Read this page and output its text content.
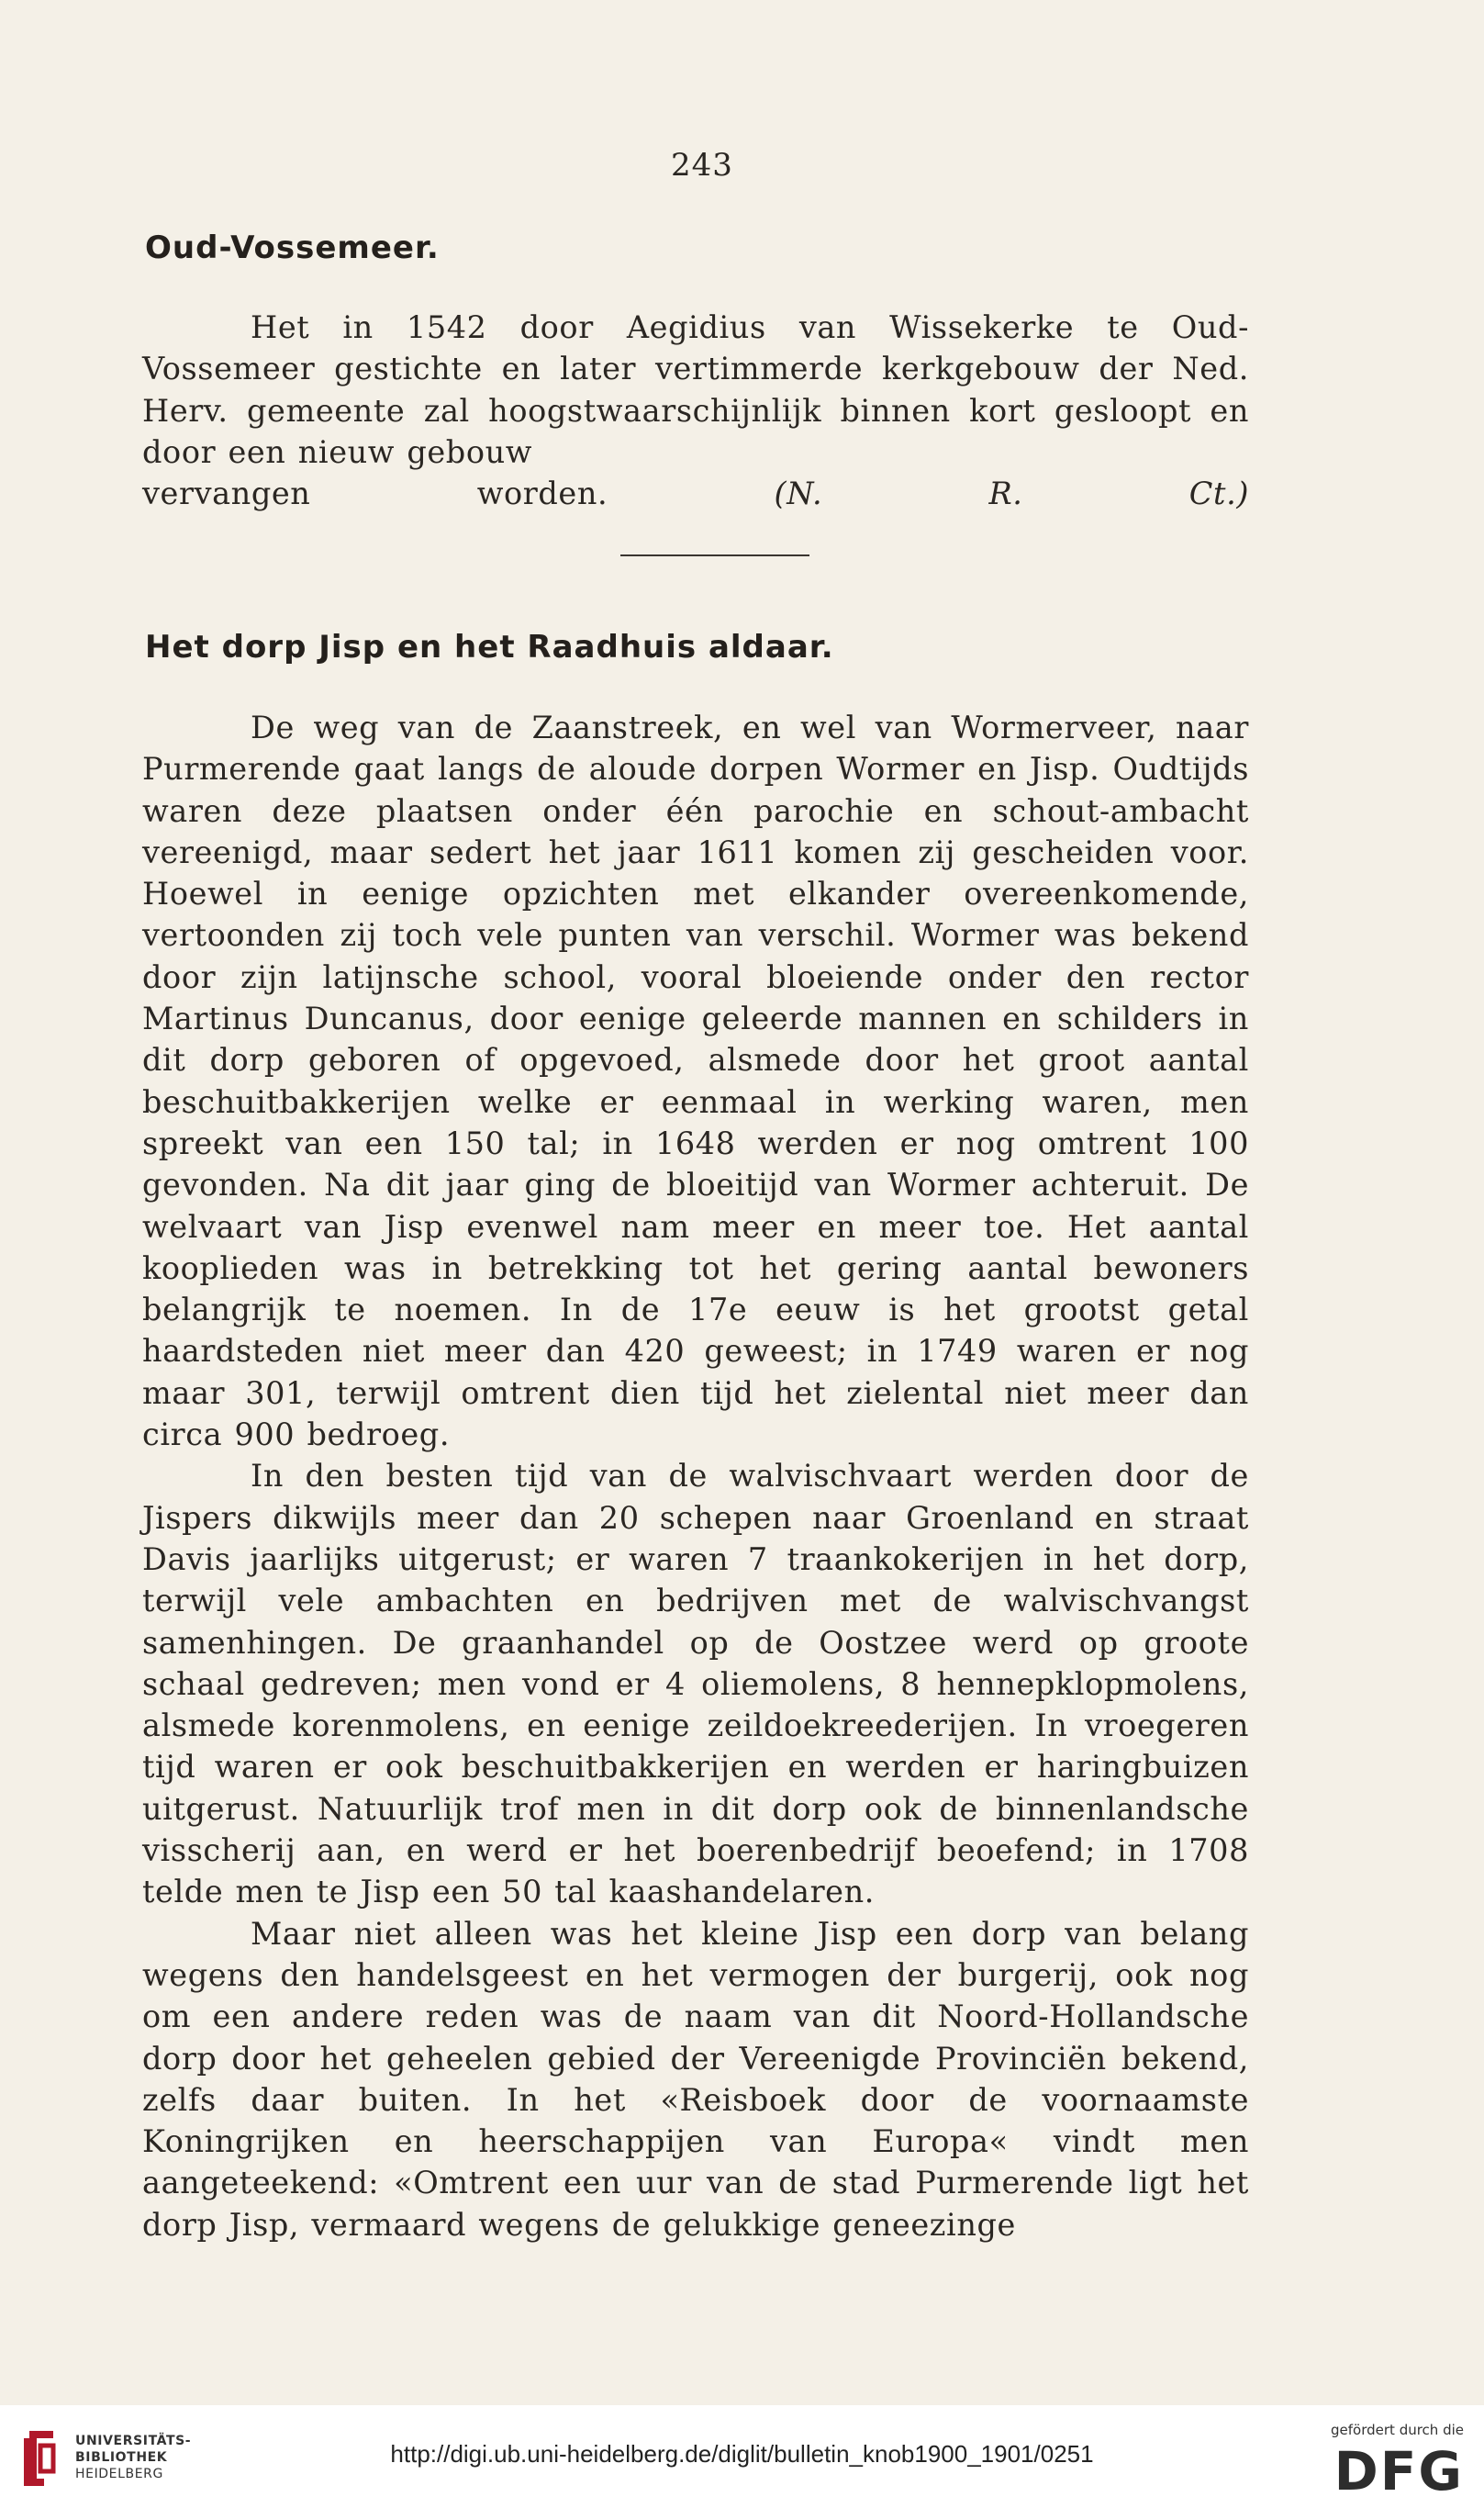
243
Oud-Vossemeer.

Het in 1542 door Aegidius van Wissekerke te Oud-Vossemeer gestichte en later vertimmerde kerkgebouw der Ned. Herv. gemeente zal hoogstwaarschijnlijk binnen kort gesloopt en door een nieuw gebouw

vervangen worden.	(N. R. Ct.)
Het dorp Jisp en het Raadhuis aldaar.

De weg van de Zaanstreek, en wel van Wormerveer, naar Purmerende gaat langs de aloude dorpen Wormer en Jisp. Oudtijds waren deze plaatsen onder één parochie en schout-ambacht vereenigd, maar sedert het jaar 1611 komen zij gescheiden voor. Hoewel in eenige opzichten met elkander overeenkomende, vertoonden zij toch vele punten van verschil. Wormer was bekend door zijn latijnsche school, vooral bloeiende onder den rector Martinus Duncanus, door eenige geleerde mannen en schilders in dit dorp geboren of opgevoed, alsmede door het groot aantal beschuitbakkerijen welke er eenmaal in werking waren, men spreekt van een 150 tal; in 1648 werden er nog omtrent 100 gevonden. Na dit jaar ging de bloeitijd van Wormer achteruit. De welvaart van Jisp evenwel nam meer en meer toe. Het aantal kooplieden was in betrekking tot het gering aantal bewoners belangrijk te noemen. In de 17e eeuw is het grootst getal haardsteden niet meer dan 420 geweest; in 1749 waren er nog maar 301, terwijl omtrent dien tijd het zielental niet meer dan circa 900 bedroeg.

In den besten tijd van de walvischvaart werden door de Jispers dikwijls meer dan 20 schepen naar Groenland en straat Davis jaarlijks uitgerust; er waren 7 traankokerijen in het dorp, terwijl vele ambachten en bedrijven met de walvischvangst samenhingen. De graanhandel op de Oostzee werd op groote schaal gedreven; men vond er 4 oliemolens, 8 hennepklopmolens, alsmede korenmolens, en eenige zeildoekreederijen. In vroegeren tijd waren er ook beschuitbakkerijen en werden er haringbuizen uitgerust. Natuurlijk trof men in dit dorp ook de binnenlandsche visscherij aan, en werd er het boerenbedrijf beoefend; in 1708 telde men te Jisp een 50 tal kaashandelaren.

Maar niet alleen was het kleine Jisp een dorp van belang wegens den handelsgeest en het vermogen der burgerij, ook nog om een andere reden was de naam van dit Noord-Hollandsche dorp door het geheelen gebied der Vereenigde Provinciën bekend, zelfs daar buiten. In het «Reisboek door de voornaamste Koningrijken en heerschappijen van Europa« vindt men aangeteekend: «Omtrent een uur van de stad Purmerende ligt het dorp Jisp, vermaard wegens de gelukkige geneezinge

UNIVERSITÄTS-
BIBLIOTHEK
HEIDELBERG
http://digi.ub.uni-heidelberg.de/diglit/bulletin_knob1900_1901/0251
gefördert durch die
DFG
